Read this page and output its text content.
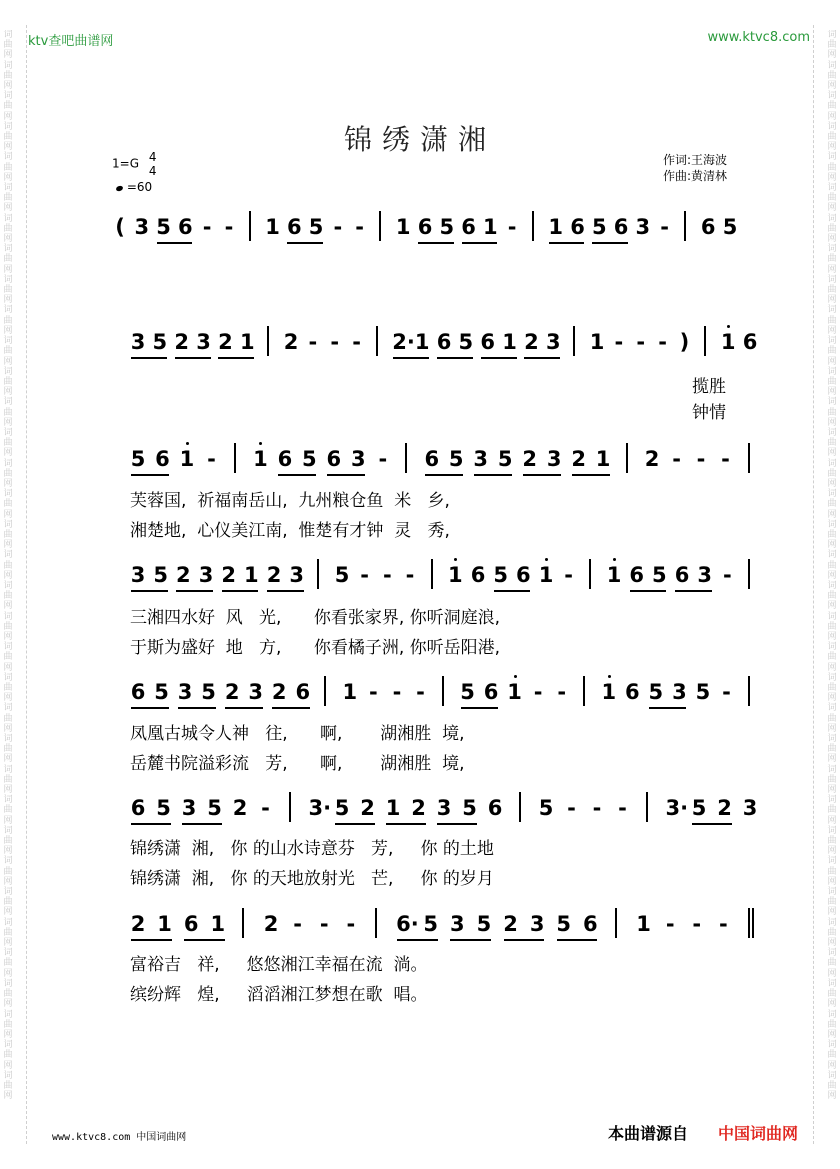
词曲网词曲网词曲网词曲网词曲网词曲网词曲网词曲网词曲网词曲网词曲网词曲网词曲网词曲网词曲网词曲网词曲网词曲网词曲网词曲网词曲网词曲网词曲网词曲网词曲网词曲网词曲网词曲网词曲网词曲网词曲网词曲网词曲网词曲网词曲网
词曲网词曲网词曲网词曲网词曲网词曲网词曲网词曲网词曲网词曲网词曲网词曲网词曲网词曲网词曲网词曲网词曲网词曲网词曲网词曲网词曲网词曲网词曲网词曲网词曲网词曲网词曲网词曲网词曲网词曲网词曲网词曲网词曲网词曲网词曲网
ktv查吧曲谱网	www.ktvc8.com
锦绣潇湘
1=G 4
4
=60
作词:王海波
作曲:黄清林
( 3 5 6 - - 1 6 5 - - 1 6 5 6 1 - 1 6 5 6 3 - 6 5
3 5 2 3 2 1 2 - - - 2· 1 6 5 6 1 2 3 1 - - - ) 1 6
5 6 1 - 1 6 5 6 3 - 6 5 3 5 2 3 2 1 2 - - -
3 5 2 3 2 1 2 3 5 - - - 1 6 5 6 1 - 1 6 5 6 3 -
6 5 3 5 2 3 2 6 1 - - - 5 6 1 - - 1 6 5 3 5 -
6 5 3 5 2 - 3· 5 2 1 2 3 5 6 5 - - - 3· 5 2 3
2 1 6 1 2 - - - 6· 5 3 5 2 3 5 6 1 - - -
www.ktvc8.com 中国词曲网	本曲谱源自 中国词曲网
揽胜
钟情
芙蓉国,  祈福南岳山,  九州粮仓鱼  米   乡,
湘楚地,  心仪美江南,  惟楚有才钟  灵   秀,
三湘四水好  风   光,      你看张家界, 你听洞庭浪,
于斯为盛好  地   方,      你看橘子洲, 你听岳阳港,
凤凰古城令人神   往,      啊,       湖湘胜  境,
岳麓书院溢彩流   芳,      啊,       湖湘胜  境,
锦绣潇  湘,   你 的山水诗意芬   芳,     你 的土地
锦绣潇  湘,   你 的天地放射光   芒,     你 的岁月
富裕吉   祥,     悠悠湘江幸福在流  淌。
缤纷辉   煌,     滔滔湘江梦想在歌  唱。
